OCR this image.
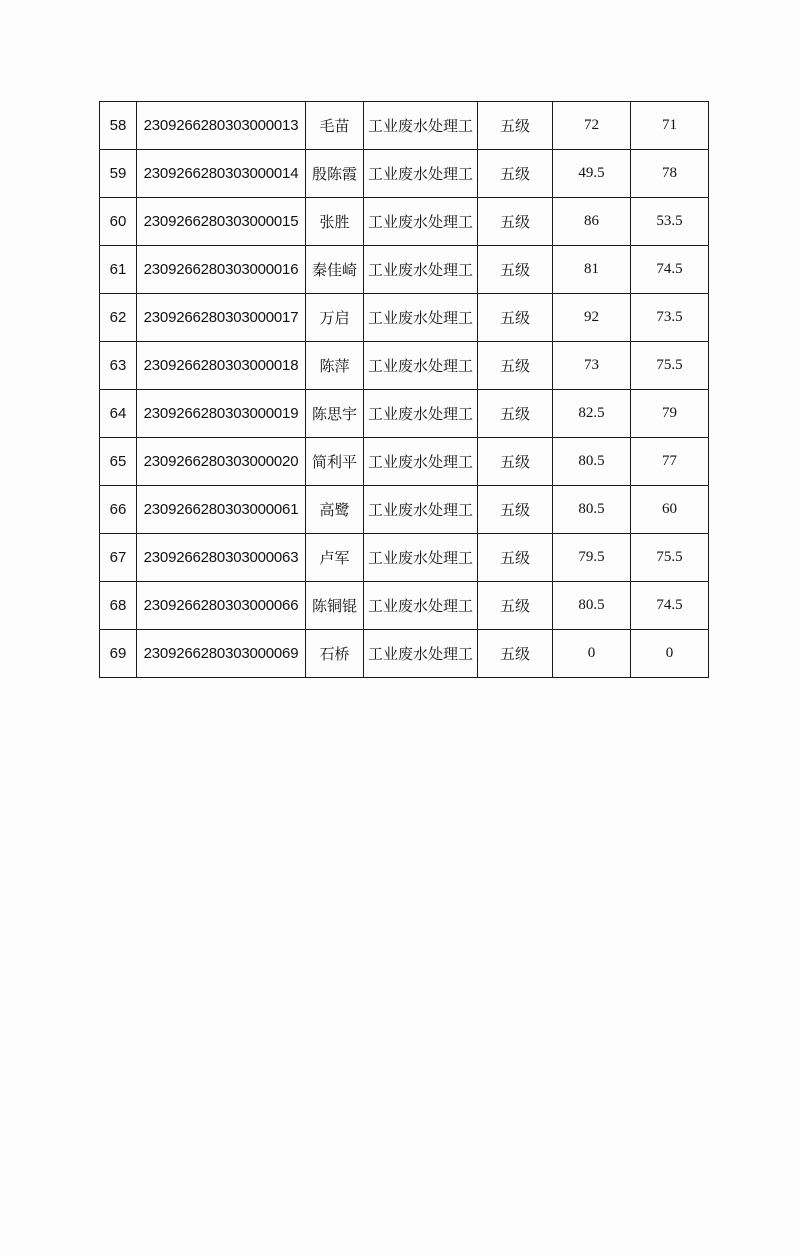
58	2309266280303000013	毛苗	工业废水处理工	五级	72	71
59	2309266280303000014	殷陈霞	工业废水处理工	五级	49.5	78
60	2309266280303000015	张胜	工业废水处理工	五级	86	53.5
61	2309266280303000016	秦佳崎	工业废水处理工	五级	81	74.5
62	2309266280303000017	万启	工业废水处理工	五级	92	73.5
63	2309266280303000018	陈萍	工业废水处理工	五级	73	75.5
64	2309266280303000019	陈思宇	工业废水处理工	五级	82.5	79
65	2309266280303000020	简利平	工业废水处理工	五级	80.5	77
66	2309266280303000061	高鹭	工业废水处理工	五级	80.5	60
67	2309266280303000063	卢军	工业废水处理工	五级	79.5	75.5
68	2309266280303000066	陈铜锟	工业废水处理工	五级	80.5	74.5
69	2309266280303000069	石桥	工业废水处理工	五级	0	0
